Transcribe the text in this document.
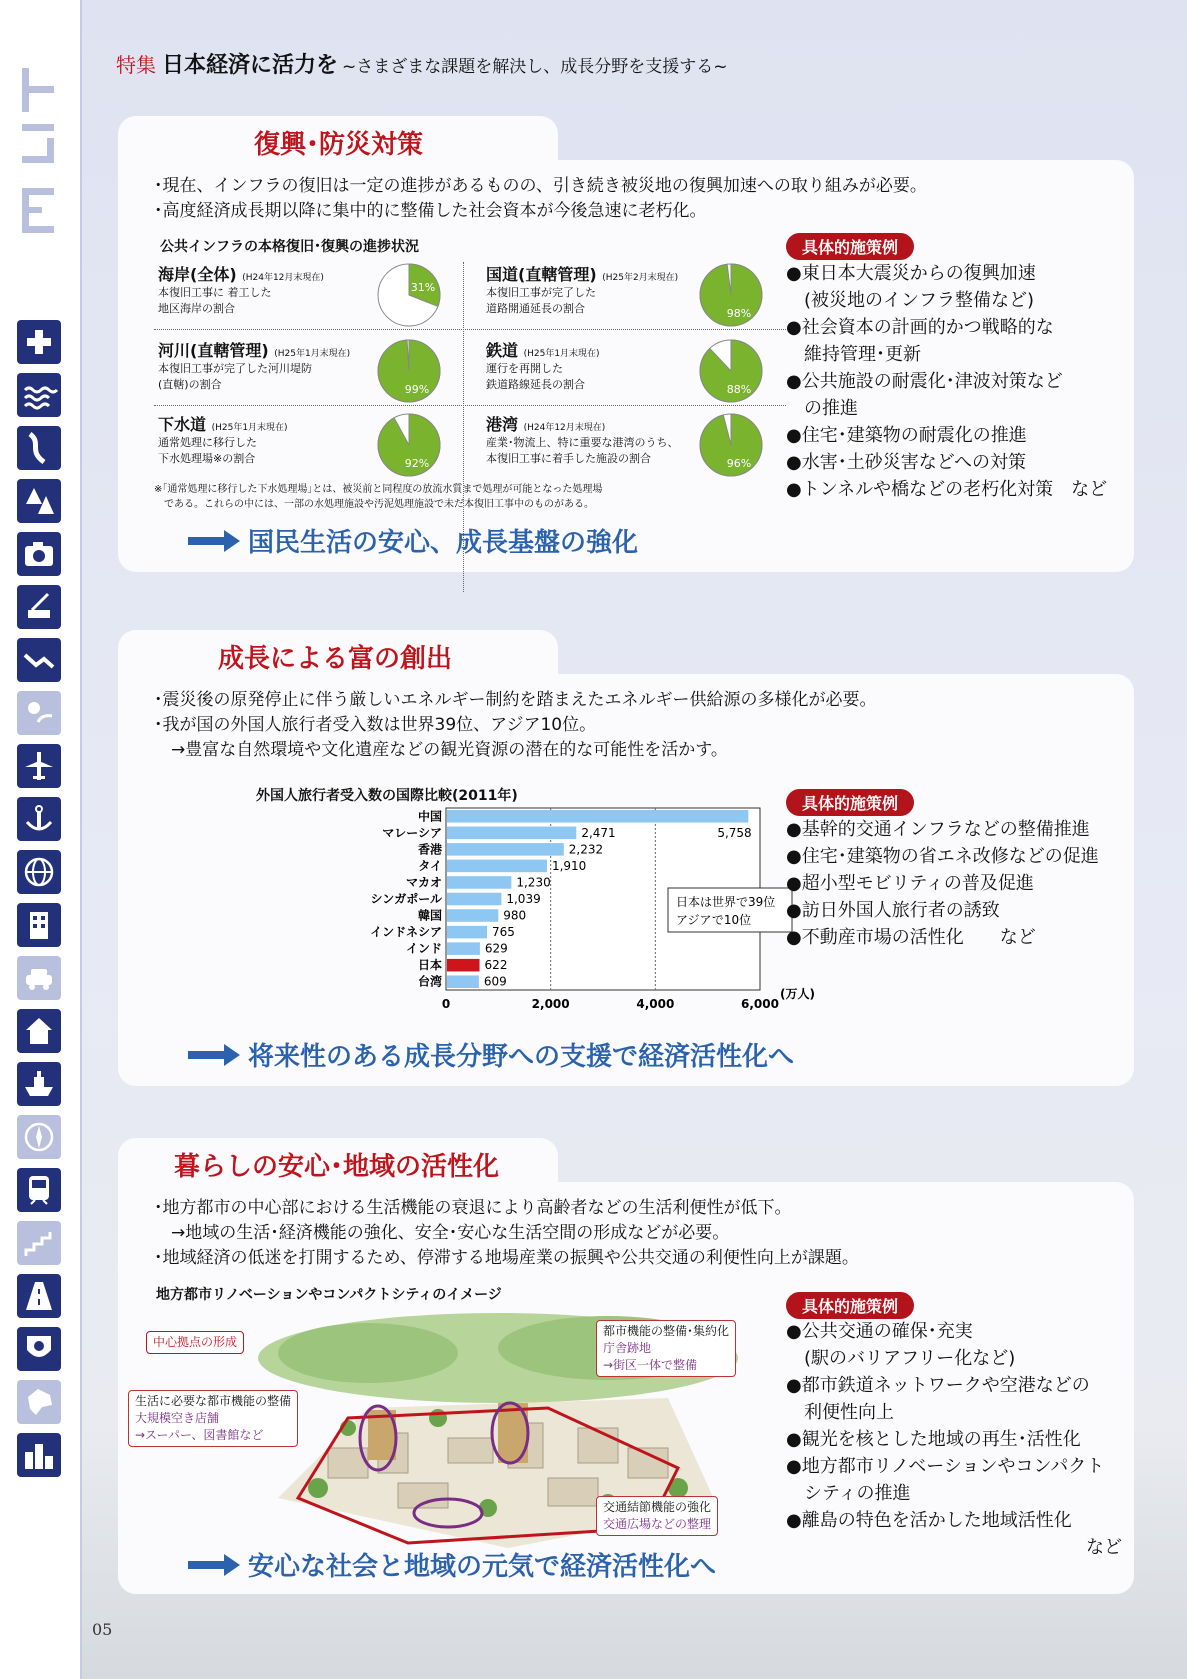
05
特集 日本経済に活力を ~さまざまな課題を解決し、成長分野を支援する~
復興･防災対策
･現在、インフラの復旧は一定の進捗があるものの、引き続き被災地の復興加速への取り組みが必要。
･高度経済成長期以降に集中的に整備した社会資本が今後急速に老朽化。
公共インフラの本格復旧･復興の進捗状況
海岸(全体) (H24年12月末現在)
本復旧工事に 着工した
地区海岸の割合
31%
国道(直轄管理) (H25年2月末現在)
本復旧工事が完了した
道路開通延長の割合	98%
河川(直轄管理) (H25年1月末現在)
本復旧工事が完了した河川堤防
(直轄)の割合	99%
鉄道 (H25年1月末現在)
運行を再開した
鉄道路線延長の割合	88%
下水道 (H25年1月末現在)
通常処理に移行した
下水処理場※の割合	92%
港湾 (H24年12月末現在)
産業･物流上、特に重要な港湾のうち、
本復旧工事に着手した施設の割合	96%
※｢通常処理に移行した下水処理場｣とは、被災前と同程度の放流水質まで処理が可能となった処理場
　である。これらの中には、一部の水処理施設や汚泥処理施設で未だ本復旧工事中のものがある。
具体的施策例
●東日本大震災からの復興加速
　(被災地のインフラ整備など)
●社会資本の計画的かつ戦略的な
　維持管理･更新
●公共施設の耐震化･津波対策など
　の推進
●住宅･建築物の耐震化の推進
●水害･土砂災害などへの対策
●トンネルや橋などの老朽化対策　など
国民生活の安心、成長基盤の強化
成長による富の創出
･震災後の原発停止に伴う厳しいエネルギー制約を踏まえたエネルギー供給源の多様化が必要。
･我が国の外国人旅行者受入数は世界39位、アジア10位。
　→豊富な自然環境や文化遺産などの観光資源の潜在的な可能性を活かす。
外国人旅行者受入数の国際比較(2011年)
中国
5,758
マレーシア	2,471
香港	2,232
タイ	1,910
マカオ	1,230
シンガポール	1,039
韓国	980
インドネシア	765
インド	629
日本	622
台湾	609
0	2,000	4,000	6,000
(万人)
日本は世界で39位
アジアで10位
具体的施策例
●基幹的交通インフラなどの整備推進
●住宅･建築物の省エネ改修などの促進
●超小型モビリティの普及促進
●訪日外国人旅行者の誘致
●不動産市場の活性化　　など
将来性のある成長分野への支援で経済活性化へ
暮らしの安心･地域の活性化
･地方都市の中心部における生活機能の衰退により高齢者などの生活利便性が低下。
　→地域の生活･経済機能の強化、安全･安心な生活空間の形成などが必要。
･地域経済の低迷を打開するため、停滞する地場産業の振興や公共交通の利便性向上が課題。
地方都市リノベーションやコンパクトシティのイメージ
中心拠点の形成
生活に必要な都市機能の整備
大規模空き店舗
→スーパー、図書館など
都市機能の整備･集約化
庁舎跡地
→街区一体で整備
交通結節機能の強化
交通広場などの整理
具体的施策例
●公共交通の確保･充実
　(駅のバリアフリー化など)
●都市鉄道ネットワークや空港などの
　利便性向上
●観光を核とした地域の再生･活性化
●地方都市リノベーションやコンパクト
　シティの推進
●離島の特色を活かした地域活性化
など
安心な社会と地域の元気で経済活性化へ
